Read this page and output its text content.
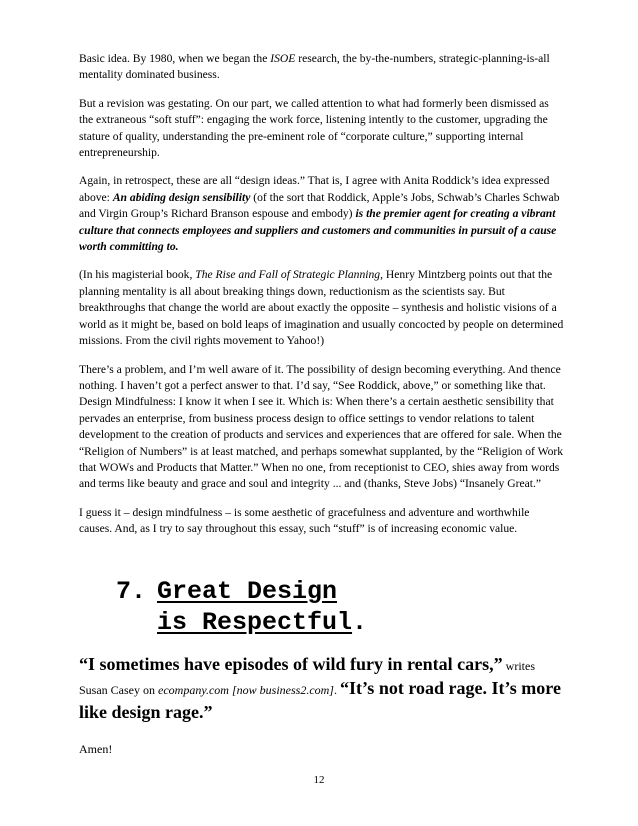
Basic idea. By 1980, when we began the ISOE research, the by-the-numbers, strategic-planning-is-all mentality dominated business.

But a revision was gestating. On our part, we called attention to what had formerly been dismissed as the extraneous “soft stuff”: engaging the work force, listening intently to the customer, upgrading the stature of quality, understanding the pre-eminent role of “corporate culture,” supporting internal entrepreneurship.

Again, in retrospect, these are all “design ideas.” That is, I agree with Anita Roddick’s idea expressed above: An abiding design sensibility (of the sort that Roddick, Apple’s Jobs, Schwab’s Charles Schwab and Virgin Group’s Richard Branson espouse and embody) is the premier agent for creating a vibrant culture that connects employees and suppliers and customers and communities in pursuit of a cause worth committing to.

(In his magisterial book, The Rise and Fall of Strategic Planning, Henry Mintzberg points out that the planning mentality is all about breaking things down, reductionism as the scientists say. But breakthroughs that change the world are about exactly the opposite – synthesis and holistic visions of a world as it might be, based on bold leaps of imagination and usually concocted by people on determined missions. From the civil rights movement to Yahoo!)

There’s a problem, and I’m well aware of it. The possibility of design becoming everything. And thence nothing. I haven’t got a perfect answer to that. I’d say, “See Roddick, above,” or something like that. Design Mindfulness: I know it when I see it. Which is: When there’s a certain aesthetic sensibility that pervades an enterprise, from business process design to office settings to vendor relations to talent development to the creation of products and services and experiences that are offered for sale. When the “Religion of Numbers” is at least matched, and perhaps somewhat supplanted, by the “Religion of Work that WOWs and Products that Matter.” When no one, from receptionist to CEO, shies away from words and terms like beauty and grace and soul and integrity ... and (thanks, Steve Jobs) “Insanely Great.”

I guess it – design mindfulness – is some aesthetic of gracefulness and adventure and worthwhile causes. And, as I try to say throughout this essay, such “stuff” is of increasing economic value.

7. Great Design
is Respectful.

“I sometimes have episodes of wild fury in rental cars,” writes Susan Casey on ecompany.com [now business2.com]. “It’s not road rage. It’s more like design rage.”

Amen!

12
